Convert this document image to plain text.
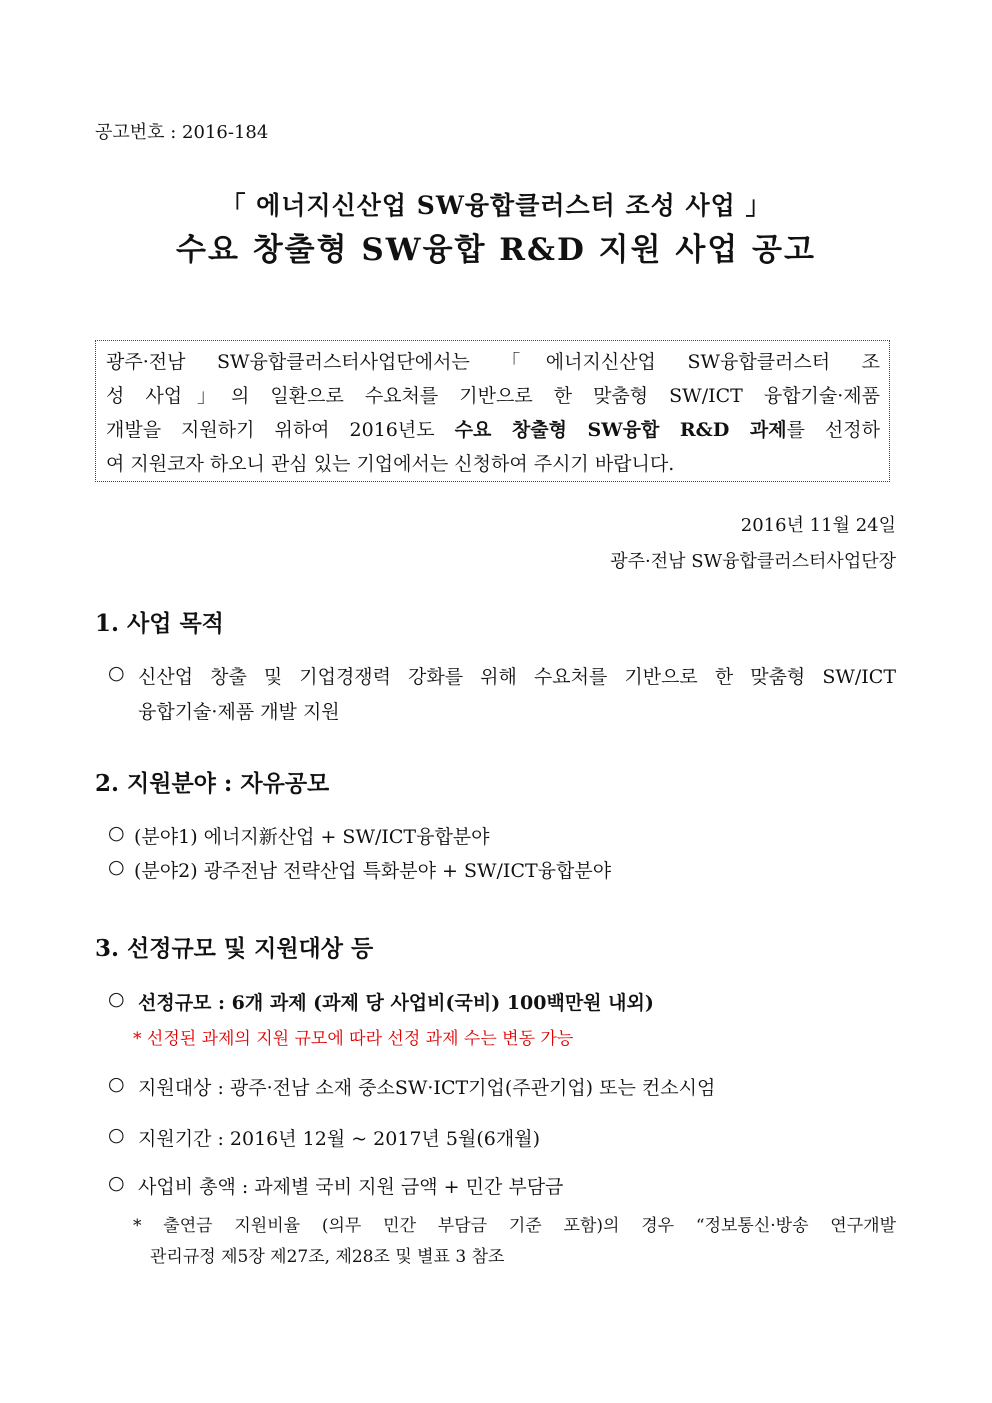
공고번호 : 2016-184
「 에너지신산업 SW융합클러스터 조성 사업 」
수요 창출형 SW융합 R&D 지원 사업 공고
광주·전남 SW융합클러스터사업단에서는 「에너지신산업 SW융합클러스터 조
성 사업」의 일환으로 수요처를 기반으로 한 맞춤형 SW/ICT 융합기술·제품
개발을 지원하기 위하여 2016년도 수요 창출형 SW융합 R&D 과제를 선정하
여 지원코자 하오니 관심 있는 기업에서는 신청하여 주시기 바랍니다.
2016년 11월 24일
광주·전남 SW융합클러스터사업단장
1. 사업 목적
○ 신산업 창출 및 기업경쟁력 강화를 위해 수요처를 기반으로 한 맞춤형 SW/ICT
융합기술·제품 개발 지원
2. 지원분야 : 자유공모
○ (분야1) 에너지新산업 + SW/ICT융합분야
○ (분야2) 광주전남 전략산업 특화분야 + SW/ICT융합분야
3. 선정규모 및 지원대상 등
○ 선정규모 : 6개 과제 (과제 당 사업비(국비) 100백만원 내외)
* 선정된 과제의 지원 규모에 따라 선정 과제 수는 변동 가능
○ 지원대상 : 광주·전남 소재 중소SW·ICT기업(주관기업) 또는 컨소시엄
○ 지원기간 : 2016년 12월 ~ 2017년 5월(6개월)
○ 사업비 총액 : 과제별 국비 지원 금액 + 민간 부담금
* 출연금 지원비율 (의무 민간 부담금 기준 포함)의 경우 “정보통신·방송 연구개발
관리규정 제5장 제27조, 제28조 및 별표 3 참조
